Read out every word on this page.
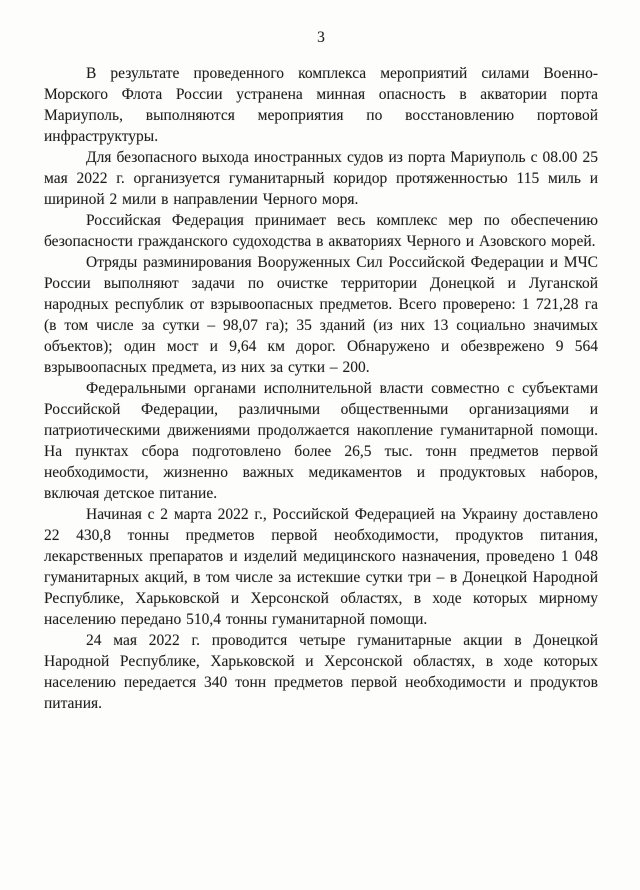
3

В результате проведенного комплекса мероприятий силами Военно-Морского Флота России устранена минная опасность в акватории порта Мариуполь, выполняются мероприятия по восстановлению портовой инфраструктуры.

Для безопасного выхода иностранных судов из порта Мариуполь с 08.00 25 мая 2022 г. организуется гуманитарный коридор протяженностью 115 миль и шириной 2 мили в направлении Черного моря.

Российская Федерация принимает весь комплекс мер по обеспечению безопасности гражданского судоходства в акваториях Черного и Азовского морей.

Отряды разминирования Вооруженных Сил Российской Федерации и МЧС России выполняют задачи по очистке территории Донецкой и Луганской народных республик от взрывоопасных предметов. Всего проверено: 1 721,28 га (в том числе за сутки – 98,07 га); 35 зданий (из них 13 социально значимых объектов); один мост и 9,64 км дорог. Обнаружено и обезврежено 9 564 взрывоопасных предмета, из них за сутки – 200.

Федеральными органами исполнительной власти совместно с субъектами Российской Федерации, различными общественными организациями и патриотическими движениями продолжается накопление гуманитарной помощи. На пунктах сбора подготовлено более 26,5 тыс. тонн предметов первой необходимости, жизненно важных медикаментов и продуктовых наборов, включая детское питание.

Начиная с 2 марта 2022 г., Российской Федерацией на Украину доставлено 22 430,8 тонны предметов первой необходимости, продуктов питания, лекарственных препаратов и изделий медицинского назначения, проведено 1 048 гуманитарных акций, в том числе за истекшие сутки три – в Донецкой Народной Республике, Харьковской и Херсонской областях, в ходе которых мирному населению передано 510,4 тонны гуманитарной помощи.

24 мая 2022 г. проводится четыре гуманитарные акции в Донецкой Народной Республике, Харьковской и Херсонской областях, в ходе которых населению передается 340 тонн предметов первой необходимости и продуктов питания.
